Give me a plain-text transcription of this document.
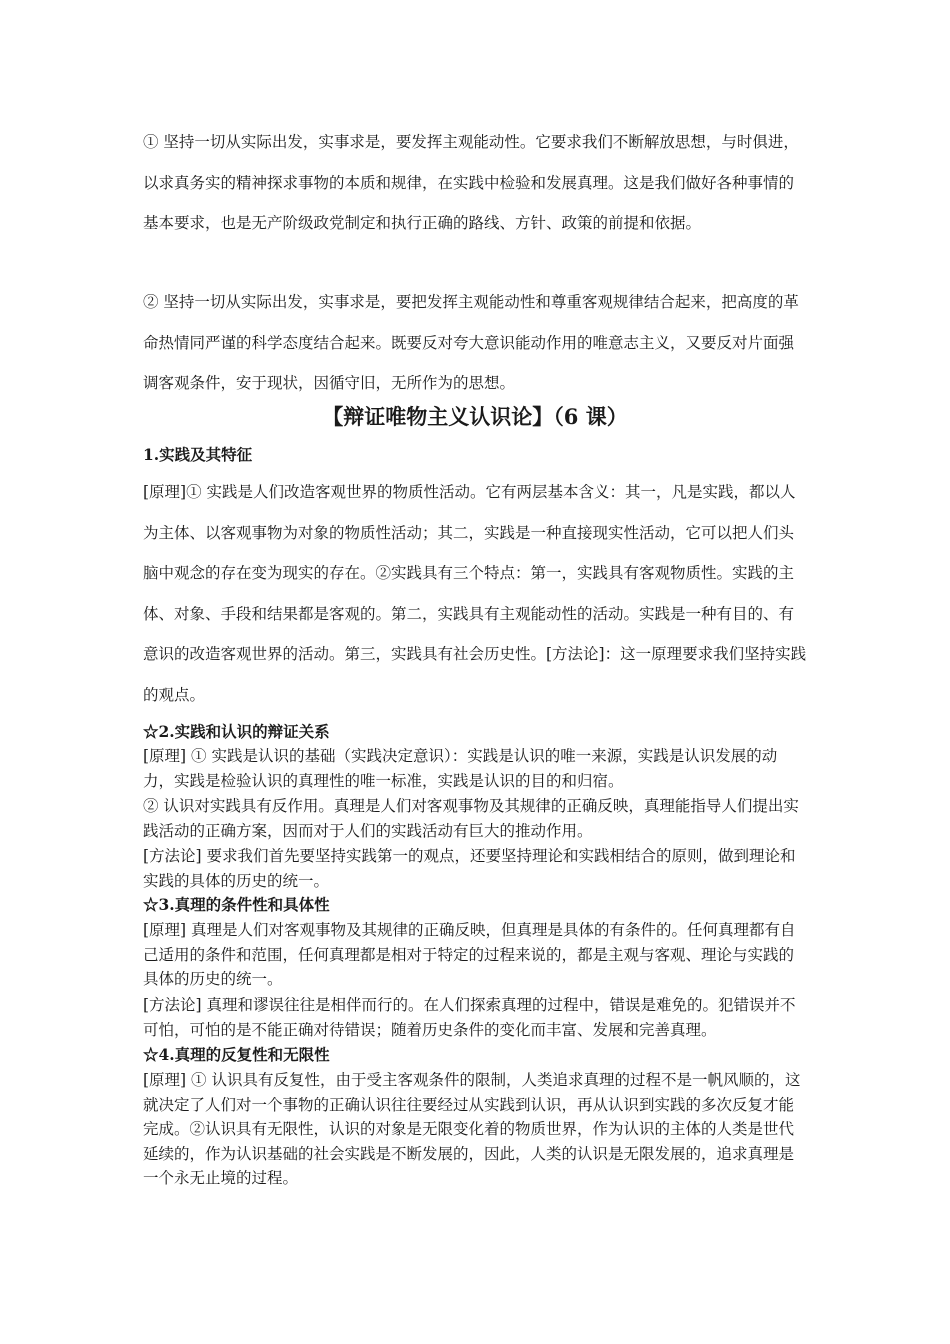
① 坚持一切从实际出发，实事求是，要发挥主观能动性。它要求我们不断解放思想，与时俱进，以求真务实的精神探求事物的本质和规律，在实践中检验和发展真理。这是我们做好各种事情的基本要求，也是无产阶级政党制定和执行正确的路线、方针、政策的前提和依据。

② 坚持一切从实际出发，实事求是，要把发挥主观能动性和尊重客观规律结合起来，把高度的革命热情同严谨的科学态度结合起来。既要反对夸大意识能动作用的唯意志主义，又要反对片面强调客观条件，安于现状，因循守旧，无所作为的思想。

【辩证唯物主义认识论】（6 课）
1.实践及其特征

[原理]① 实践是人们改造客观世界的物质性活动。它有两层基本含义：其一，凡是实践，都以人为主体、以客观事物为对象的物质性活动；其二，实践是一种直接现实性活动，它可以把人们头脑中观念的存在变为现实的存在。②实践具有三个特点：第一，实践具有客观物质性。实践的主体、对象、手段和结果都是客观的。第二，实践具有主观能动性的活动。实践是一种有目的、有意识的改造客观世界的活动。第三，实践具有社会历史性。[方法论]：这一原理要求我们坚持实践的观点。

☆2.实践和认识的辩证关系

[原理] ① 实践是认识的基础（实践决定意识）：实践是认识的唯一来源，实践是认识发展的动力，实践是检验认识的真理性的唯一标准，实践是认识的目的和归宿。

② 认识对实践具有反作用。真理是人们对客观事物及其规律的正确反映，真理能指导人们提出实践活动的正确方案，因而对于人们的实践活动有巨大的推动作用。

[方法论] 要求我们首先要坚持实践第一的观点，还要坚持理论和实践相结合的原则，做到理论和实践的具体的历史的统一。

☆3.真理的条件性和具体性

[原理] 真理是人们对客观事物及其规律的正确反映，但真理是具体的有条件的。任何真理都有自己适用的条件和范围，任何真理都是相对于特定的过程来说的，都是主观与客观、理论与实践的具体的历史的统一。

[方法论] 真理和谬误往往是相伴而行的。在人们探索真理的过程中，错误是难免的。犯错误并不可怕，可怕的是不能正确对待错误；随着历史条件的变化而丰富、发展和完善真理。

☆4.真理的反复性和无限性

[原理] ① 认识具有反复性，由于受主客观条件的限制，人类追求真理的过程不是一帆风顺的，这就决定了人们对一个事物的正确认识往往要经过从实践到认识，再从认识到实践的多次反复才能完成。②认识具有无限性，认识的对象是无限变化着的物质世界，作为认识的主体的人类是世代延续的，作为认识基础的社会实践是不断发展的，因此，人类的认识是无限发展的，追求真理是一个永无止境的过程。
